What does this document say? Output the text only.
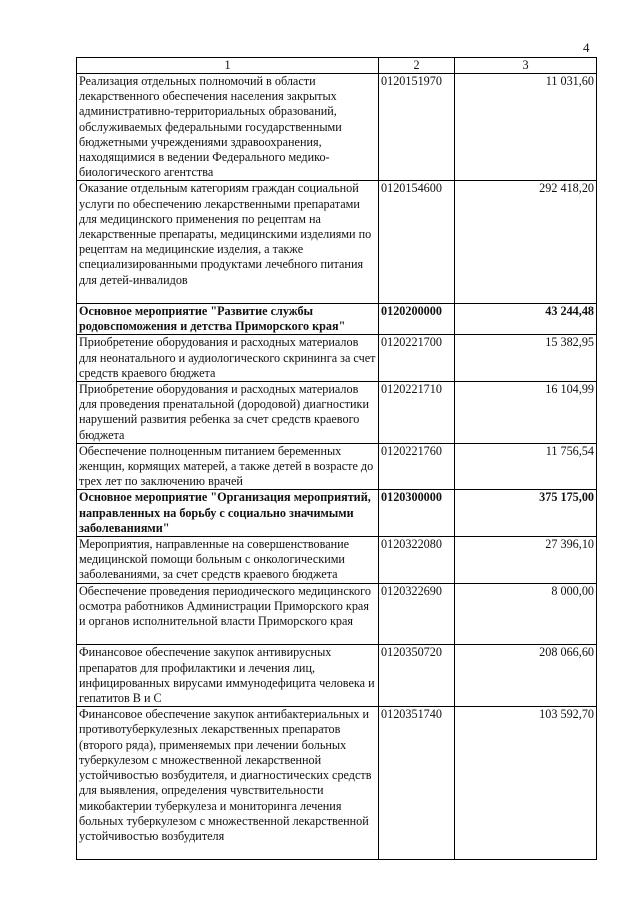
4
1	2	3
Реализация отдельных полномочий в области лекарственного обеспечения населения закрытых административно-территориальных образований, обслуживаемых федеральными государственными бюджетными учреждениями здравоохранения, находящимися в ведении Федерального медико-биологического агентства	0120151970	11 031,60
Оказание отдельным категориям граждан социальной услуги по обеспечению лекарственными препаратами для медицинского применения по рецептам на лекарственные препараты, медицинскими изделиями по рецептам на медицинские изделия, а также специализированными продуктами лечебного питания для детей-инвалидов	0120154600	292 418,20
Основное мероприятие "Развитие службы родовспоможения и детства Приморского края"	0120200000	43 244,48
Приобретение оборудования и расходных материалов для неонатального и аудиологического скрининга за счет средств краевого бюджета	0120221700	15 382,95
Приобретение оборудования и расходных материалов для проведения пренатальной (дородовой) диагностики нарушений развития ребенка за счет средств краевого бюджета	0120221710	16 104,99
Обеспечение полноценным питанием беременных женщин, кормящих матерей, а также детей в возрасте до трех лет по заключению врачей	0120221760	11 756,54
Основное мероприятие "Организация мероприятий, направленных на борьбу с социально значимыми заболеваниями"	0120300000	375 175,00
Мероприятия, направленные на совершенствование медицинской помощи больным с онкологическими заболеваниями, за счет средств краевого бюджета	0120322080	27 396,10
Обеспечение проведения периодического медицинского осмотра работников Администрации Приморского края и органов исполнительной власти Приморского края	0120322690	8 000,00
Финансовое обеспечение закупок антивирусных препаратов для профилактики и лечения лиц, инфицированных вирусами иммунодефицита человека и гепатитов B и C	0120350720	208 066,60
Финансовое обеспечение закупок антибактериальных и противотуберкулезных лекарственных препаратов (второго ряда), применяемых при лечении больных туберкулезом с множественной лекарственной устойчивостью возбудителя, и диагностических средств для выявления, определения чувствительности микобактерии туберкулеза и мониторинга лечения больных туберкулезом с множественной лекарственной устойчивостью возбудителя	0120351740	103 592,70
